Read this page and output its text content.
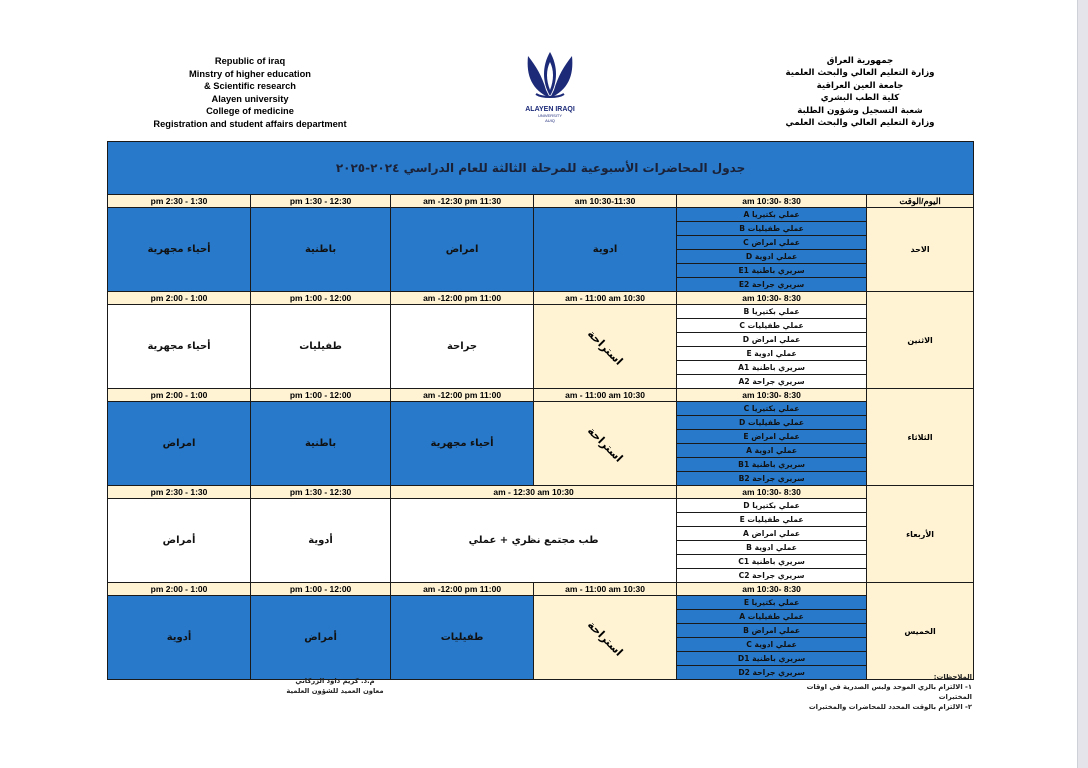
Republic of iraq
Minstry of higher education
& Scientific research
Alayen university
College of medicine
Registration and student affairs department
ALAYEN IRAQI
UNIVERSITY
AUIQ
جمهورية العراق
وزارة التعليم العالي والبحث العلمية
جامعة العين العراقية
كلية الطب البشري
شعبة التسجيل وشؤون الطلبة
وزارة التعليم العالي والبحث العلمي
جدول المحاضرات الأسبوعية للمرحلة الثالثة للعام الدراسي ٢٠٢٤-٢٠٢٥					
اليوم/الوقت	8:30 -10:30 am	10:30-11:30 am	11:30 am -12:30 pm	12:30 - 1:30 pm	1:30 - 2:30 pm
الاحد	عملي بكتيريا A	ادوية	امراض	باطنية	أحياء مجهرية
	عملي طفيليات B				
	عملي امراض C				
	عملي ادوية D				
	سريري باطنية E1				
	سريري جراحة E2				
الاثنين	8:30 -10:30 am	10:30 am - 11:00 am	11:00 am -12:00 pm	12:00 - 1:00 pm	1:00 - 2:00 pm
	عملي بكتيريا B	استراحة	جراحة	طفيليات	أحياء مجهرية
	عملي طفيليات C				
	عملي امراض D				
	عملي ادوية E				
	سريري باطنية A1				
	سريري جراحة A2				
الثلاثاء	8:30 -10:30 am	10:30 am - 11:00 am	11:00 am -12:00 pm	12:00 - 1:00 pm	1:00 - 2:00 pm
	عملي بكتيريا C	استراحة	أحياء مجهرية	باطنية	امراض
	عملي طفيليات D				
	عملي امراض E				
	عملي ادوية A				
	سريري باطنية B1				
	سريري جراحة B2				
الأربعاء	8:30 -10:30 am	10:30 am - 12:30 am		12:30 - 1:30 pm	1:30 - 2:30 pm
	عملي بكتيريا D	طب مجتمع نظري + عملي		أدوية	أمراض
	عملي طفيليات E				
	عملي امراض A				
	عملي ادوية B				
	سريري باطنية C1				
	سريري جراحة C2				
الخميس	8:30 -10:30 am	10:30 am - 11:00 am	11:00 am -12:00 pm	12:00 - 1:00 pm	1:00 - 2:00 pm
	عملي بكتيريا E	استراحة	طفيليات	أمراض	أدوية
	عملي طفيليات A				
	عملي امراض B				
	عملي ادوية C				
	سريري باطنية D1				
	سريري جراحة D2				
م.د. كريم داود الزركاني
معاون العميد للشؤون العلمية
الملاحظات:
١- الالتزام بالزي الموحد ولبس الصدرية في اوقات المختبرات
٢- الالتزام بالوقت المحدد للمحاضرات والمختبرات
